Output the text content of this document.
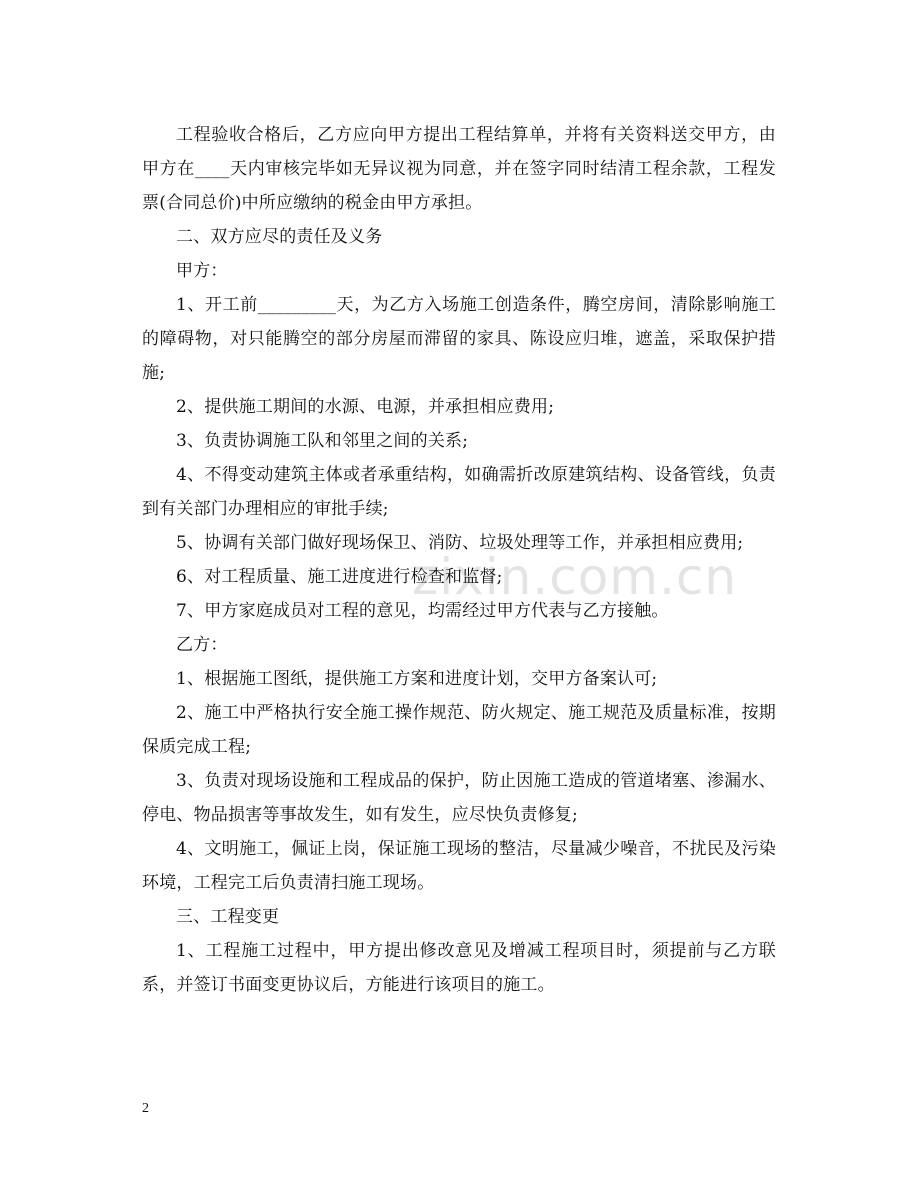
zixin.com.cn

工程验收合格后，乙方应向甲方提出工程结算单，并将有关资料送交甲方，由甲方在____天内审核完毕如无异议视为同意，并在签字同时结清工程余款，工程发票(合同总价)中所应缴纳的税金由甲方承担。

二、双方应尽的责任及义务

甲方：

1、开工前_________天，为乙方入场施工创造条件，腾空房间，清除影响施工的障碍物，对只能腾空的部分房屋而滞留的家具、陈设应归堆，遮盖，采取保护措施;

2、提供施工期间的水源、电源，并承担相应费用;

3、负责协调施工队和邻里之间的关系;

4、不得变动建筑主体或者承重结构，如确需折改原建筑结构、设备管线，负责到有关部门办理相应的审批手续;

5、协调有关部门做好现场保卫、消防、垃圾处理等工作，并承担相应费用;

6、对工程质量、施工进度进行检查和监督;

7、甲方家庭成员对工程的意见，均需经过甲方代表与乙方接触。

乙方：

1、根据施工图纸，提供施工方案和进度计划，交甲方备案认可;

2、施工中严格执行安全施工操作规范、防火规定、施工规范及质量标准，按期保质完成工程;

3、负责对现场设施和工程成品的保护，防止因施工造成的管道堵塞、渗漏水、停电、物品损害等事故发生，如有发生，应尽快负责修复;

4、文明施工，佩证上岗，保证施工现场的整洁，尽量减少噪音，不扰民及污染环境，工程完工后负责清扫施工现场。

三、工程变更

1、工程施工过程中，甲方提出修改意见及增减工程项目时，须提前与乙方联系，并签订书面变更协议后，方能进行该项目的施工。

2
